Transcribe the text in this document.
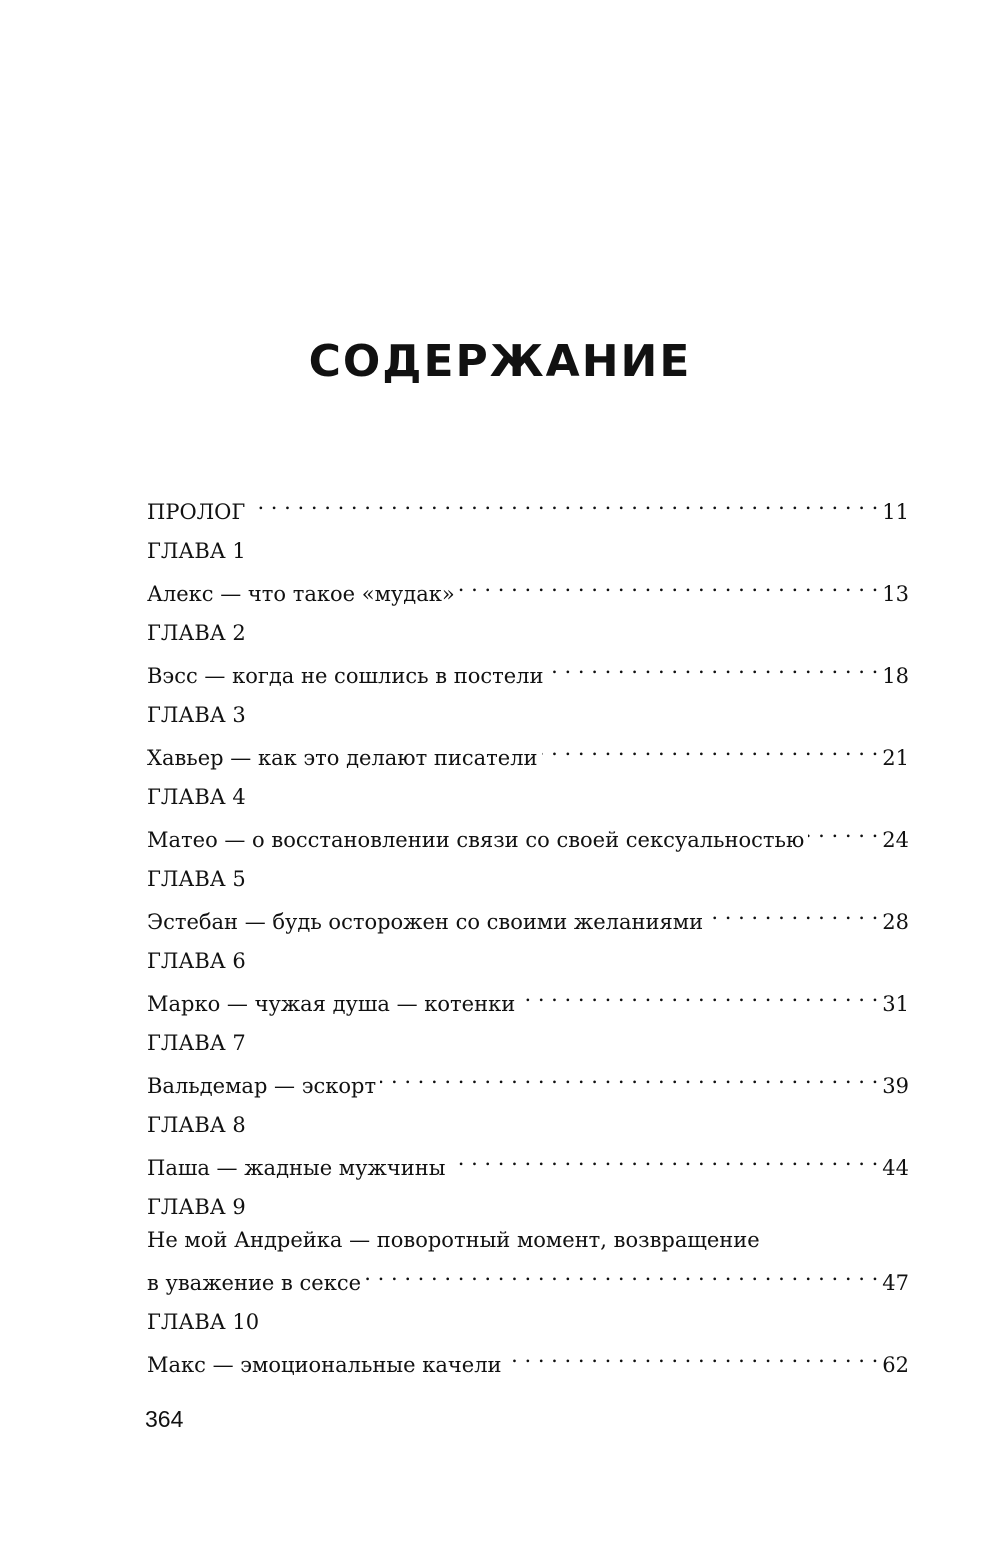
СОДЕРЖАНИЕ
ПРОЛОГ . . .	11
ГЛАВА 1
Алекс — что такое «мудак» . . .	13
ГЛАВА 2
Вэсс — когда не сошлись в постели . . .	18
ГЛАВА 3
Хавьер — как это делают писатели . . .	21
ГЛАВА 4
Матео — о восстановлении связи со своей сексуальностью . . .	24
ГЛАВА 5
Эстебан — будь осторожен со своими желаниями . . .	28
ГЛАВА 6
Марко — чужая душа — котенки . . .	31
ГЛАВА 7
Вальдемар — эскорт . . .	39
ГЛАВА 8
Паша — жадные мужчины . . .	44
ГЛАВА 9
Не мой Андрейка — поворотный момент, возвращение
в уважение в сексе . . .	47
ГЛАВА 10
Макс — эмоциональные качели . . .	62
364
